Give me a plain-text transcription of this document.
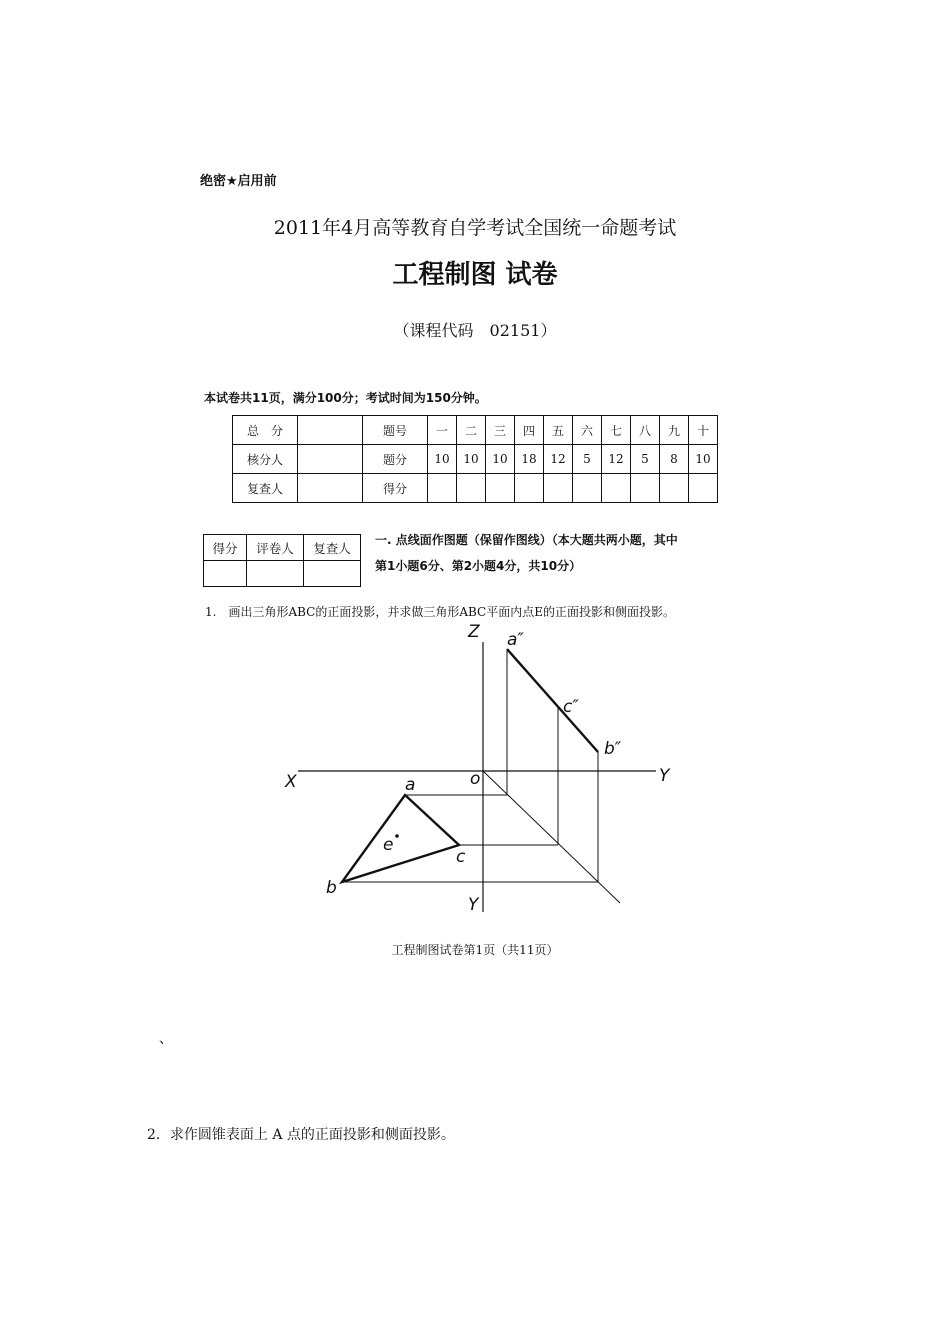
绝密★启用前
2011年4月高等教育自学考试全国统一命题考试
工程制图 试卷
（课程代码　02151）
本试卷共11页，满分100分；考试时间为150分钟。
总　分		题号	一	二	三	四	五	六	七	八	九	十
核分人		题分	10	10	10	18	12	5	12	5	8	10
复查人		得分										
得分	评卷人	复查人

一. 点线面作图题（保留作图线）（本大题共两小题，其中
第1小题6分、第2小题4分，共10分）
1.　画出三角形ABC的正面投影，并求做三角形ABC平面内点E的正面投影和侧面投影。
Z a″
c″
b″
X	a	o	Y
e
c
b
Y
工程制图试卷第1页（共11页）
、
2．求作圆锥表面上 A 点的正面投影和侧面投影。
